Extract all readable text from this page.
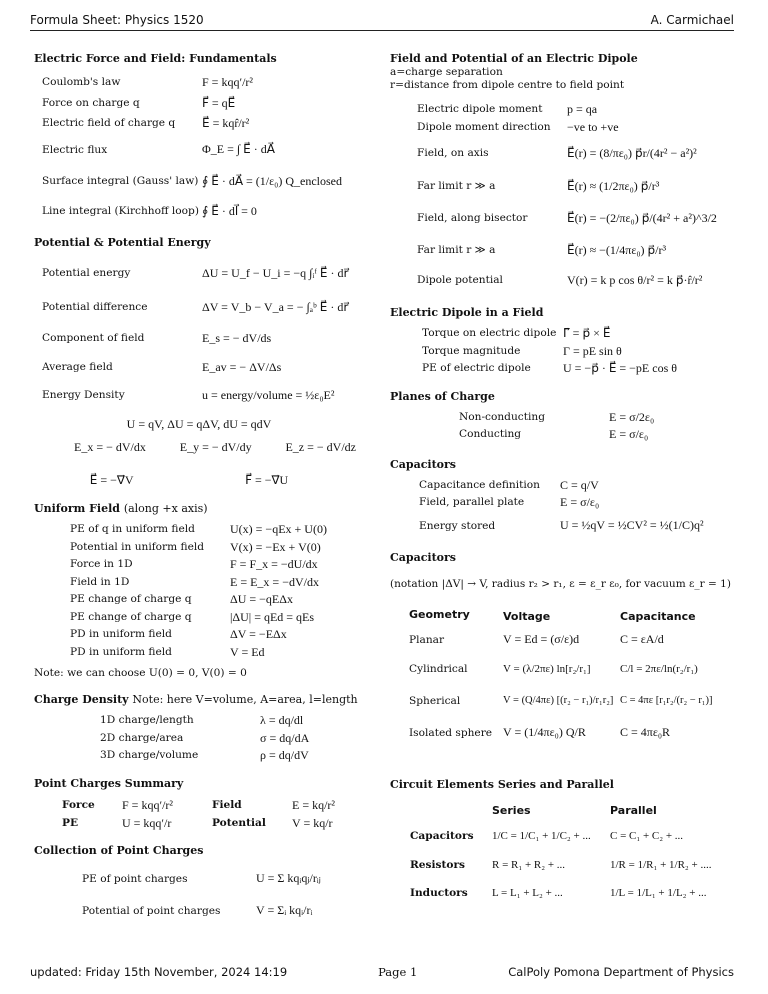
Formula Sheet: Physics 1520	A. Carmichael
Electric Force and Field: Fundamentals
Coulomb's law	F = kqq′/r²
Force on charge q	F⃗ = qE⃗
Electric field of charge q	E⃗ = kqr̂/r²
Electric flux	Φ_E = ∫ E⃗ · dA⃗
Surface integral (Gauss' law) ∮ E⃗ · dA⃗ = (1/ε₀) Q_enclosed
Line integral (Kirchhoff loop) ∮ E⃗ · dl⃗ = 0
Potential & Potential Energy
Potential energy	ΔU = U_f − U_i = −q ∫ᵢᶠ E⃗ · dr⃗
Potential difference	ΔV = V_b − V_a = − ∫ₐᵇ E⃗ · dr⃗
Component of field	E_s = − dV/ds
Average field	E_av = − ΔV/Δs
Energy Density	u = energy/volume = ½ε₀E²
U = qV, ΔU = qΔV, dU = qdV
E_x = − dV/dx	E_y = − dV/dy	E_z = − dV/dz
E⃗ = −∇⃗V	F⃗ = −∇⃗U
Uniform Field (along +x axis)
PE of q in uniform field	U(x) = −qEx + U(0)
Potential in uniform field	V(x) = −Ex + V(0)
Force in 1D	F = F_x = −dU/dx
Field in 1D	E = E_x = −dV/dx
PE change of charge q	ΔU = −qEΔx
PE change of charge q	|ΔU| = qEd = qEs
PD in uniform field	ΔV = −EΔx
PD in uniform field	V = Ed
Note: we can choose U(0) = 0, V(0) = 0
Charge Density Note: here V=volume, A=area, l=length
1D charge/length	λ = dq/dl
2D charge/area	σ = dq/dA
3D charge/volume	ρ = dq/dV
Point Charges Summary
Force	F = kqq′/r²	Field	E = kq/r²
PE	U = kqq′/r	Potential	V = kq/r
Collection of Point Charges
PE of point charges	U = Σ kqᵢqⱼ/rᵢⱼ
Potential of point charges	V = Σᵢ kqᵢ/rᵢ
Field and Potential of an Electric Dipole
a=charge separation
r=distance from dipole centre to field point
Electric dipole moment	p = qa
Dipole moment direction	−ve to +ve
Field, on axis	E⃗(r) = (8/πε₀) p⃗r/(4r² − a²)²
Far limit r ≫ a	E⃗(r) ≈ (1/2πε₀) p⃗/r³
Field, along bisector	E⃗(r) = −(2/πε₀) p⃗/(4r² + a²)^3/2
Far limit r ≫ a	E⃗(r) ≈ −(1/4πε₀) p⃗/r³
Dipole potential	V(r) = k p cos θ/r² = k p⃗·r̂/r²
Electric Dipole in a Field
Torque on electric dipole Γ⃗ = p⃗ × E⃗
Torque magnitude	Γ = pE sin θ
PE of electric dipole	U = −p⃗ · E⃗ = −pE cos θ
Planes of Charge
Non-conducting	E = σ/2ε₀
Conducting	E = σ/ε₀
Capacitors
Capacitance definition	C = q/V
Field, parallel plate	E = σ/ε₀
Energy stored	U = ½qV = ½CV² = ½(1/C)q²
Capacitors
(notation |ΔV| → V, radius r₂ > r₁, ε = ε_r ε₀, for vacuum ε_r = 1)
Geometry	Voltage	Capacitance
Planar	V = Ed = (σ/ε)d	C = εA/d
Cylindrical	V = (λ/2πε) ln[r₂/r₁]	C/l = 2πε/ln(r₂/r₁)
Spherical	V = (Q/4πε) [(r₂ − r₁)/r₁r₂] C = 4πε [r₁r₂/(r₂ − r₁)]
Isolated sphere V = (1/4πε₀) Q/R	C = 4πε₀R
Circuit Elements Series and Parallel
Series	Parallel
Capacitors	1/C = 1/C₁ + 1/C₂ + ...	C = C₁ + C₂ + ...
Resistors	R = R₁ + R₂ + ...	1/R = 1/R₁ + 1/R₂ + ....
Inductors	L = L₁ + L₂ + ...	1/L = 1/L₁ + 1/L₂ + ...
updated: Friday 15th November, 2024 14:19	Page 1	CalPoly Pomona Department of Physics
